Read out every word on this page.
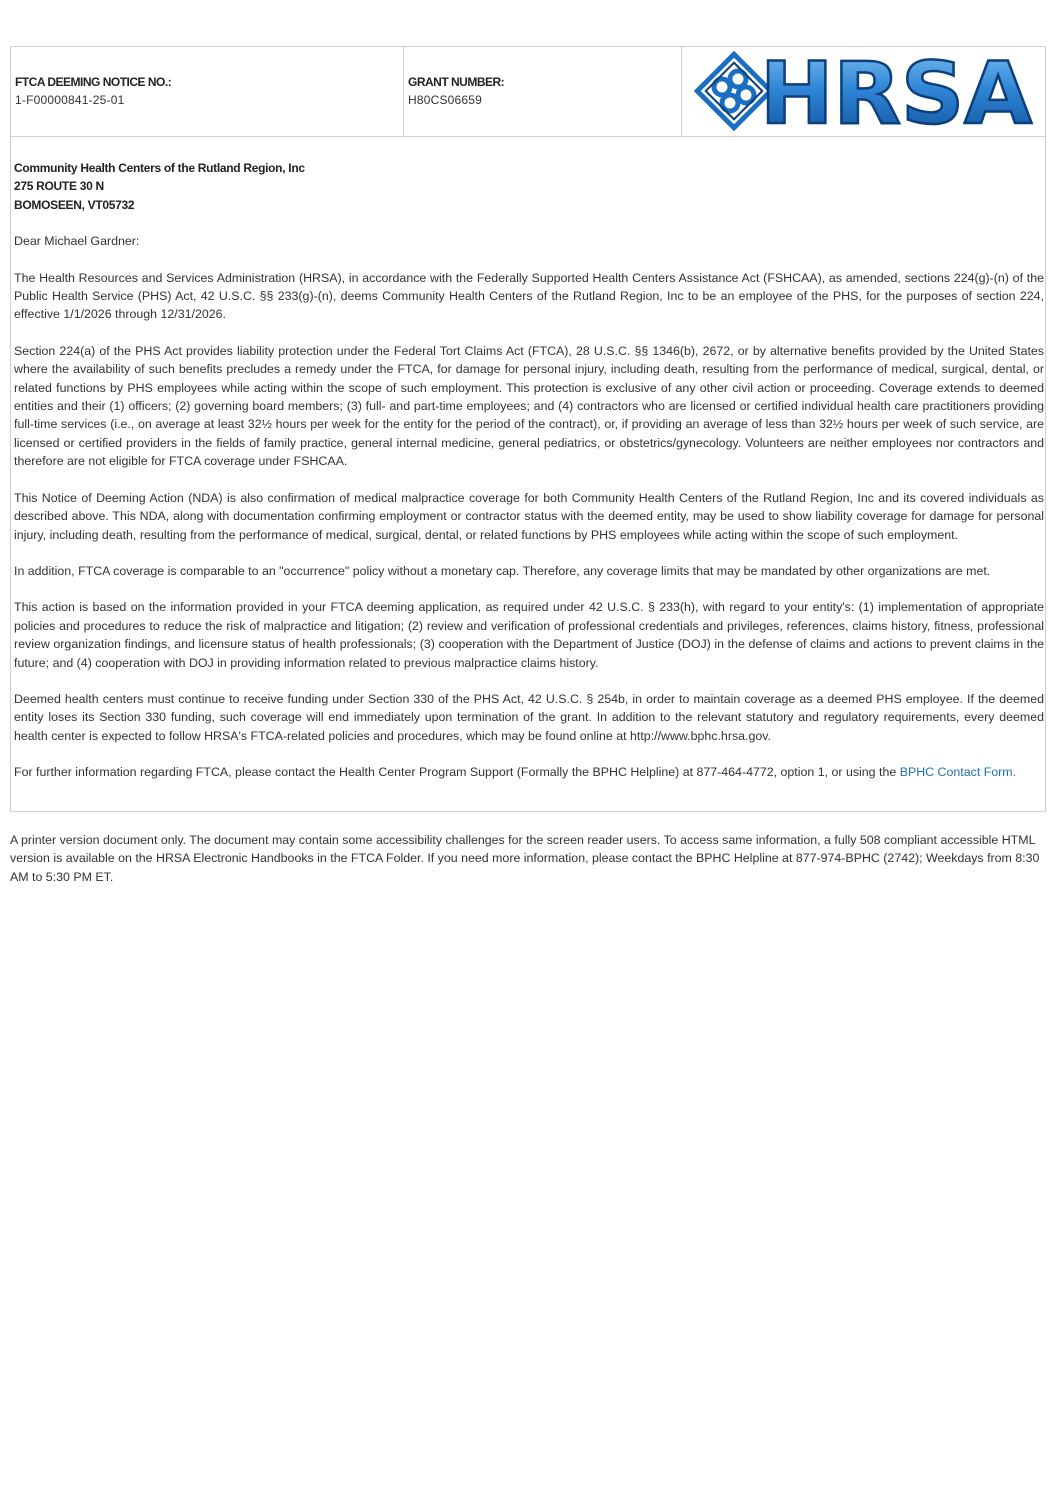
FTCA DEEMING NOTICE NO.:
1-F00000841-25-01
GRANT NUMBER:
H80CS06659	HRSA

Community Health Centers of the Rutland Region, Inc

275 ROUTE 30 N

BOMOSEEN, VT05732

Dear Michael Gardner:

The Health Resources and Services Administration (HRSA), in accordance with the Federally Supported Health Centers Assistance Act (FSHCAA), as amended, sections 224(g)-(n) of the Public Health Service (PHS) Act, 42 U.S.C. §§ 233(g)-(n), deems Community Health Centers of the Rutland Region, Inc to be an employee of the PHS, for the purposes of section 224, effective 1/1/2026 through 12/31/2026.

Section 224(a) of the PHS Act provides liability protection under the Federal Tort Claims Act (FTCA), 28 U.S.C. §§ 1346(b), 2672, or by alternative benefits provided by the United States where the availability of such benefits precludes a remedy under the FTCA, for damage for personal injury, including death, resulting from the performance of medical, surgical, dental, or related functions by PHS employees while acting within the scope of such employment. This protection is exclusive of any other civil action or proceeding. Coverage extends to deemed entities and their (1) officers; (2) governing board members; (3) full- and part-time employees; and (4) contractors who are licensed or certified individual health care practitioners providing full-time services (i.e., on average at least 32½ hours per week for the entity for the period of the contract), or, if providing an average of less than 32½ hours per week of such service, are licensed or certified providers in the fields of family practice, general internal medicine, general pediatrics, or obstetrics/gynecology. Volunteers are neither employees nor contractors and therefore are not eligible for FTCA coverage under FSHCAA.

This Notice of Deeming Action (NDA) is also confirmation of medical malpractice coverage for both Community Health Centers of the Rutland Region, Inc and its covered individuals as described above. This NDA, along with documentation confirming employment or contractor status with the deemed entity, may be used to show liability coverage for damage for personal injury, including death, resulting from the performance of medical, surgical, dental, or related functions by PHS employees while acting within the scope of such employment.

In addition, FTCA coverage is comparable to an "occurrence" policy without a monetary cap. Therefore, any coverage limits that may be mandated by other organizations are met.

This action is based on the information provided in your FTCA deeming application, as required under 42 U.S.C. § 233(h), with regard to your entity's: (1) implementation of appropriate policies and procedures to reduce the risk of malpractice and litigation; (2) review and verification of professional credentials and privileges, references, claims history, fitness, professional review organization findings, and licensure status of health professionals; (3) cooperation with the Department of Justice (DOJ) in the defense of claims and actions to prevent claims in the future; and (4) cooperation with DOJ in providing information related to previous malpractice claims history.

Deemed health centers must continue to receive funding under Section 330 of the PHS Act, 42 U.S.C. § 254b, in order to maintain coverage as a deemed PHS employee. If the deemed entity loses its Section 330 funding, such coverage will end immediately upon termination of the grant. In addition to the relevant statutory and regulatory requirements, every deemed health center is expected to follow HRSA's FTCA-related policies and procedures, which may be found online at http://www.bphc.hrsa.gov.

For further information regarding FTCA, please contact the Health Center Program Support (Formally the BPHC Helpline) at 877-464-4772, option 1, or using the BPHC Contact Form.

A printer version document only. The document may contain some accessibility challenges for the screen reader users. To access same information, a fully 508 compliant accessible HTML version is available on the HRSA Electronic Handbooks in the FTCA Folder. If you need more information, please contact the BPHC Helpline at 877-974-BPHC (2742); Weekdays from 8:30 AM to 5:30 PM ET.
